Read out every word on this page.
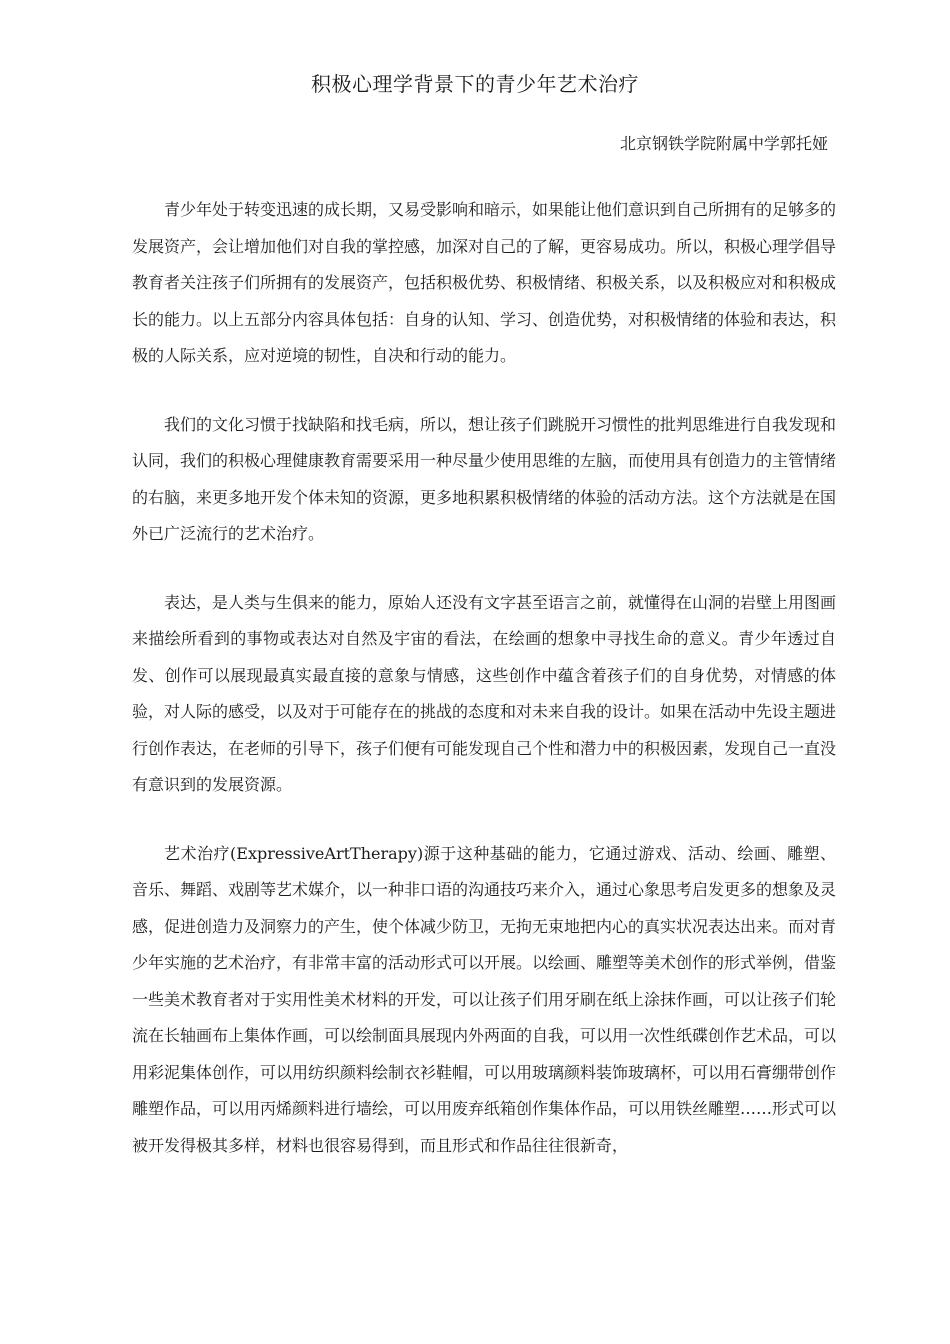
积极心理学背景下的青少年艺术治疗
北京钢铁学院附属中学郭托娅

青少年处于转变迅速的成长期，又易受影响和暗示，如果能让他们意识到自己所拥有的足够多的发展资产，会让增加他们对自我的掌控感，加深对自己的了解，更容易成功。所以，积极心理学倡导教育者关注孩子们所拥有的发展资产，包括积极优势、积极情绪、积极关系，以及积极应对和积极成长的能力。以上五部分内容具体包括：自身的认知、学习、创造优势，对积极情绪的体验和表达，积极的人际关系，应对逆境的韧性，自决和行动的能力。

我们的文化习惯于找缺陷和找毛病，所以，想让孩子们跳脱开习惯性的批判思维进行自我发现和认同，我们的积极心理健康教育需要采用一种尽量少使用思维的左脑，而使用具有创造力的主管情绪的右脑，来更多地开发个体未知的资源，更多地积累积极情绪的体验的活动方法。这个方法就是在国外已广泛流行的艺术治疗。

表达，是人类与生俱来的能力，原始人还没有文字甚至语言之前，就懂得在山洞的岩壁上用图画来描绘所看到的事物或表达对自然及宇宙的看法，在绘画的想象中寻找生命的意义。青少年透过自发、创作可以展现最真实最直接的意象与情感，这些创作中蕴含着孩子们的自身优势，对情感的体验，对人际的感受，以及对于可能存在的挑战的态度和对未来自我的设计。如果在活动中先设主题进行创作表达，在老师的引导下，孩子们便有可能发现自己个性和潜力中的积极因素，发现自己一直没有意识到的发展资源。

艺术治疗(ExpressiveArtTherapy)源于这种基础的能力，它通过游戏、活动、绘画、雕塑、音乐、舞蹈、戏剧等艺术媒介，以一种非口语的沟通技巧来介入，通过心象思考启发更多的想象及灵感，促进创造力及洞察力的产生，使个体减少防卫，无拘无束地把内心的真实状况表达出来。而对青少年实施的艺术治疗，有非常丰富的活动形式可以开展。以绘画、雕塑等美术创作的形式举例，借鉴一些美术教育者对于实用性美术材料的开发，可以让孩子们用牙刷在纸上涂抹作画，可以让孩子们轮流在长轴画布上集体作画，可以绘制面具展现内外两面的自我，可以用一次性纸碟创作艺术品，可以用彩泥集体创作，可以用纺织颜料绘制衣衫鞋帽，可以用玻璃颜料装饰玻璃杯，可以用石膏绷带创作雕塑作品，可以用丙烯颜料进行墙绘，可以用废弃纸箱创作集体作品，可以用铁丝雕塑……形式可以被开发得极其多样，材料也很容易得到，而且形式和作品往往很新奇，
